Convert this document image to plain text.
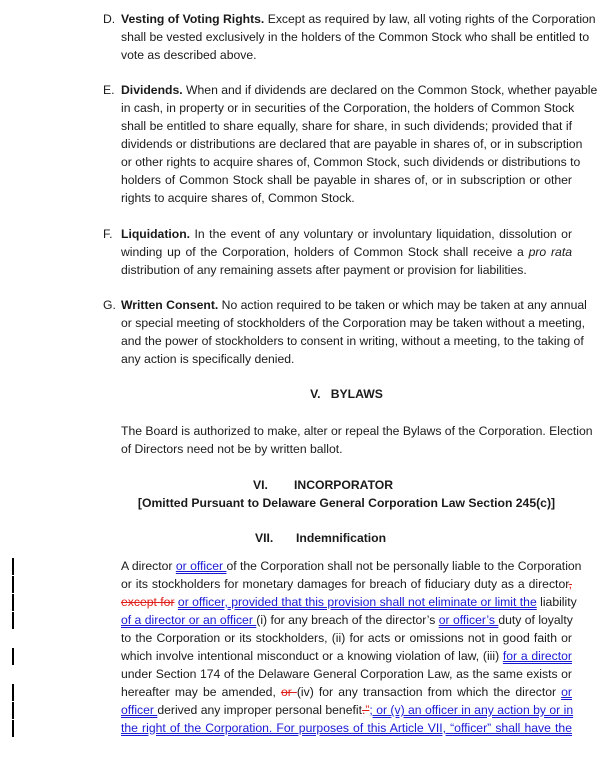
D. Vesting of Voting Rights. Except as required by law, all voting rights of the Corporation
shall be vested exclusively in the holders of the Common Stock who shall be entitled to
vote as described above.
E. Dividends. When and if dividends are declared on the Common Stock, whether payable
in cash, in property or in securities of the Corporation, the holders of Common Stock
shall be entitled to share equally, share for share, in such dividends; provided that if
dividends or distributions are declared that are payable in shares of, or in subscription
or other rights to acquire shares of, Common Stock, such dividends or distributions to
holders of Common Stock shall be payable in shares of, or in subscription or other
rights to acquire shares of, Common Stock.
F. Liquidation. In the event of any voluntary or involuntary liquidation, dissolution or
winding up of the Corporation, holders of Common Stock shall receive a pro rata
distribution of any remaining assets after payment or provision for liabilities.
G. Written Consent. No action required to be taken or which may be taken at any annual
or special meeting of stockholders of the Corporation may be taken without a meeting,
and the power of stockholders to consent in writing, without a meeting, to the taking of
any action is specifically denied.
V.   BYLAWS
The Board is authorized to make, alter or repeal the Bylaws of the Corporation. Election
of Directors need not be by written ballot.
VI. INCORPORATOR
[Omitted Pursuant to Delaware General Corporation Law Section 245(c)]
VII. Indemnification
A director or officer of the Corporation shall not be personally liable to the Corporation
or its stockholders for monetary damages for breach of fiduciary duty as a director,
except for or officer, provided that this provision shall not eliminate or limit the liability
of a director or an officer (i) for any breach of the director’s or officer’s duty of loyalty
to the Corporation or its stockholders, (ii) for acts or omissions not in good faith or
which involve intentional misconduct or a knowing violation of law, (iii) for a director
under Section 174 of the Delaware General Corporation Law, as the same exists or
hereafter may be amended, or (iv) for any transaction from which the director or
officer derived any improper personal benefit.”; or (v) an officer in any action by or in
the right of the Corporation. For purposes of this Article VII, “officer” shall have the
